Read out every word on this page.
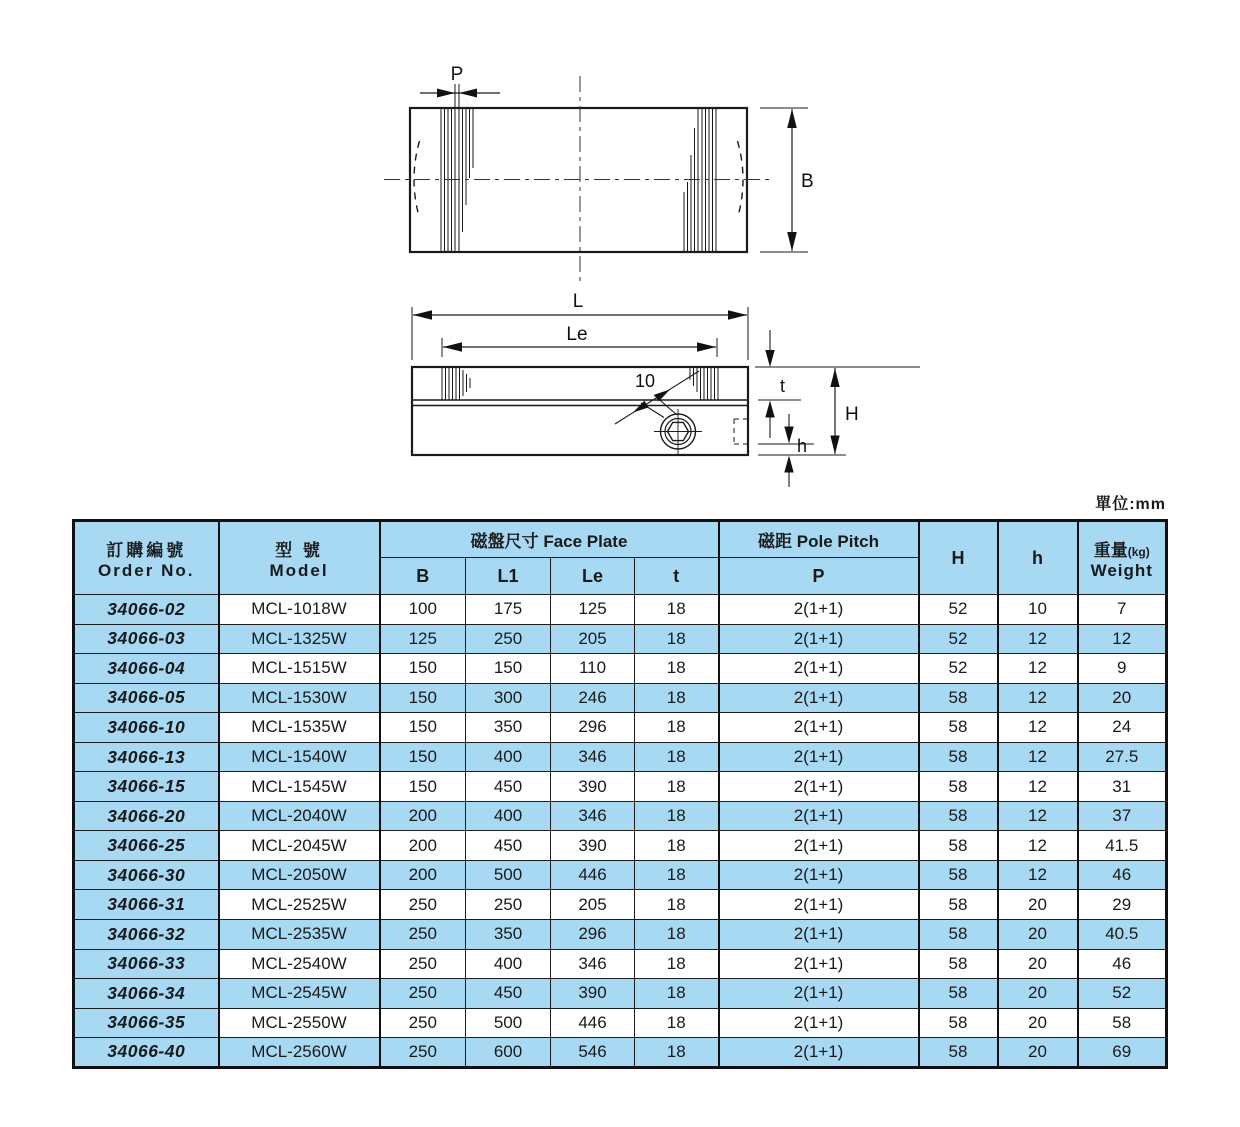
P
B
L
Le
10	t
H
h
單位:mm
訂購編號
Order No.

型 號
Model
	磁盤尺寸 Face Plate	磁距 Pole Pitch	H	h	重量(kg)
Weight

		B	L1	Le	t	P			
34066-02	MCL-1018W	100	175	125	18	2(1+1)	52	10	7
34066-03	MCL-1325W	125	250	205	18	2(1+1)	52	12	12
34066-04	MCL-1515W	150	150	110	18	2(1+1)	52	12	9
34066-05	MCL-1530W	150	300	246	18	2(1+1)	58	12	20
34066-10	MCL-1535W	150	350	296	18	2(1+1)	58	12	24
34066-13	MCL-1540W	150	400	346	18	2(1+1)	58	12	27.5
34066-15	MCL-1545W	150	450	390	18	2(1+1)	58	12	31
34066-20	MCL-2040W	200	400	346	18	2(1+1)	58	12	37
34066-25	MCL-2045W	200	450	390	18	2(1+1)	58	12	41.5
34066-30	MCL-2050W	200	500	446	18	2(1+1)	58	12	46
34066-31	MCL-2525W	250	250	205	18	2(1+1)	58	20	29
34066-32	MCL-2535W	250	350	296	18	2(1+1)	58	20	40.5
34066-33	MCL-2540W	250	400	346	18	2(1+1)	58	20	46
34066-34	MCL-2545W	250	450	390	18	2(1+1)	58	20	52
34066-35	MCL-2550W	250	500	446	18	2(1+1)	58	20	58
34066-40	MCL-2560W	250	600	546	18	2(1+1)	58	20	69
